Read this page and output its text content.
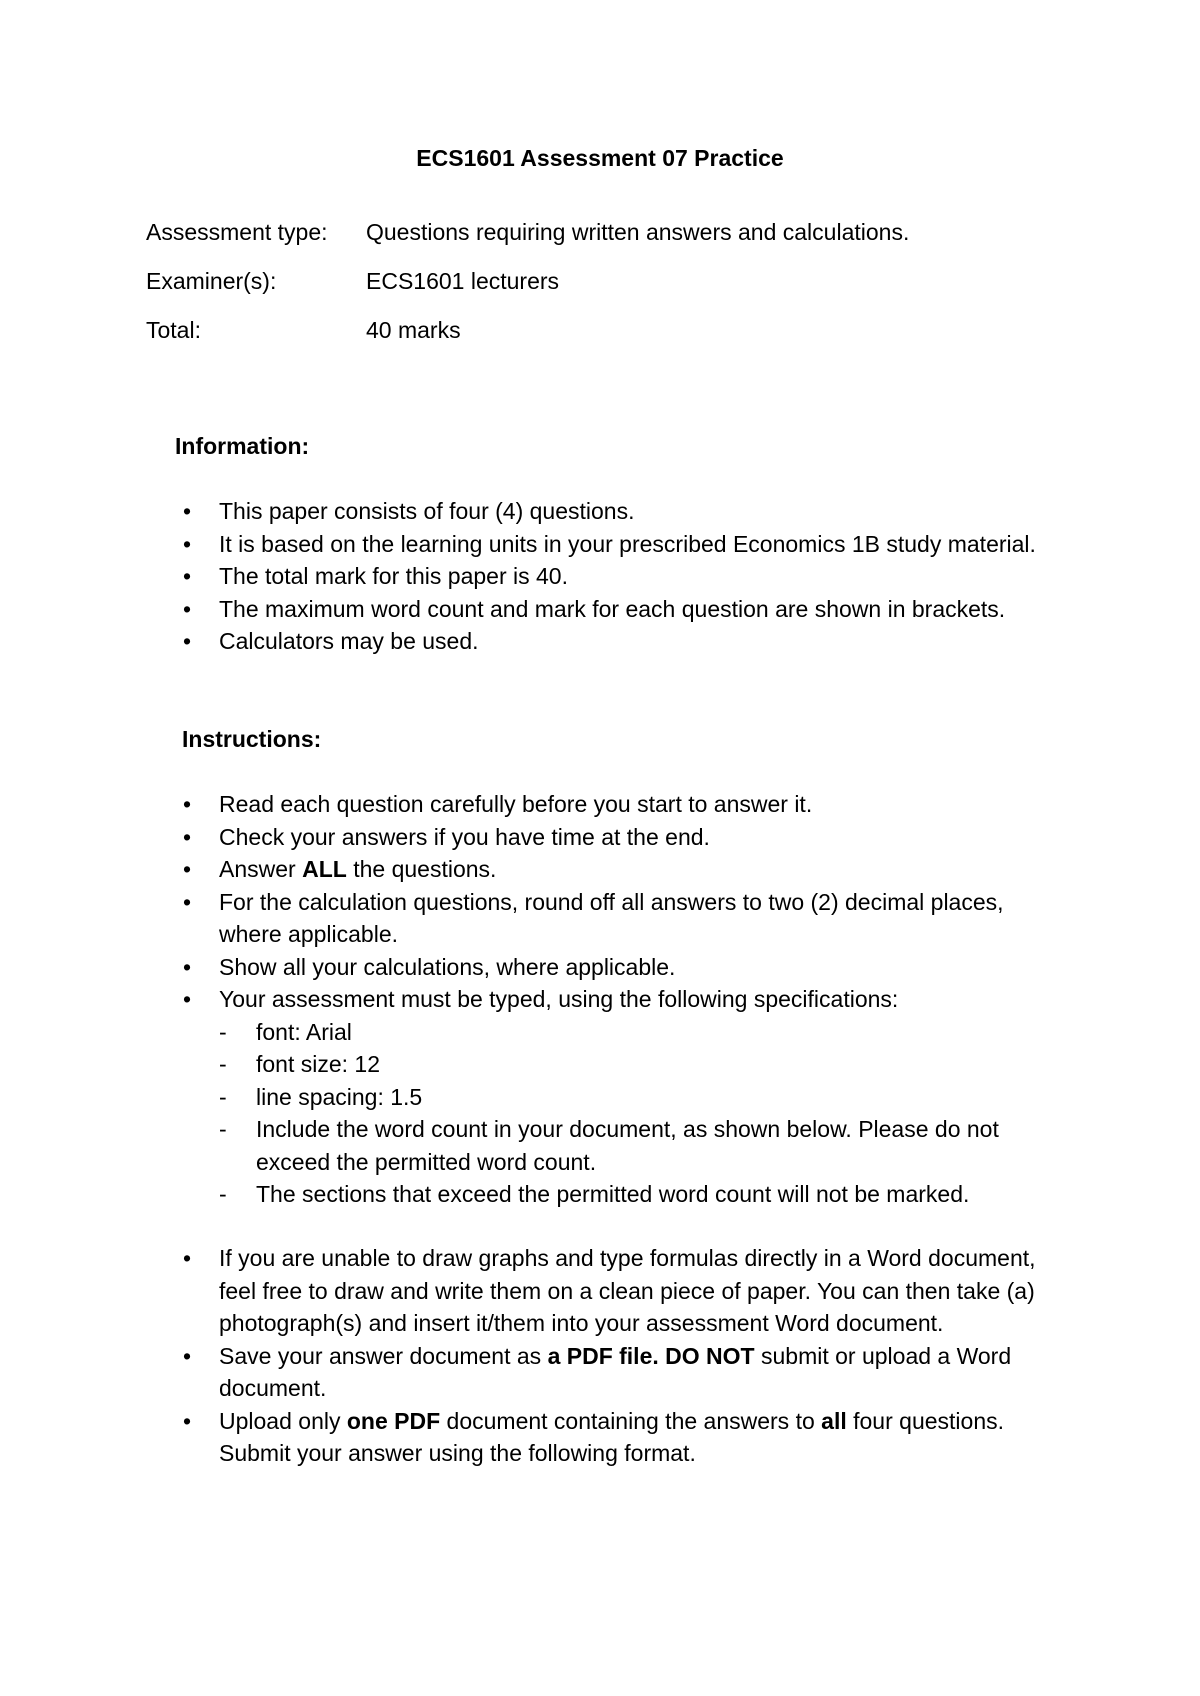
ECS1601 Assessment 07 Practice
Assessment type: Questions requiring written answers and calculations.
Examiner(s):	ECS1601 lecturers
Total:	40 marks
Information:
• This paper consists of four (4) questions.
• It is based on the learning units in your prescribed Economics 1B study material.
• The total mark for this paper is 40.
• The maximum word count and mark for each question are shown in brackets.
• Calculators may be used.
Instructions:
• Read each question carefully before you start to answer it.
• Check your answers if you have time at the end.
• Answer ALL the questions.
• For the calculation questions, round off all answers to two (2) decimal places, where applicable.
• Show all your calculations, where applicable.
• Your assessment must be typed, using the following specifications:
- font: Arial
- font size: 12
- line spacing: 1.5
- Include the word count in your document, as shown below. Please do not exceed the permitted word count.
- The sections that exceed the permitted word count will not be marked.
• If you are unable to draw graphs and type formulas directly in a Word document, feel free to draw and write them on a clean piece of paper. You can then take (a) photograph(s) and insert it/them into your assessment Word document.
• Save your answer document as a PDF file. DO NOT submit or upload a Word document.
• Upload only one PDF document containing the answers to all four questions. Submit your answer using the following format.
